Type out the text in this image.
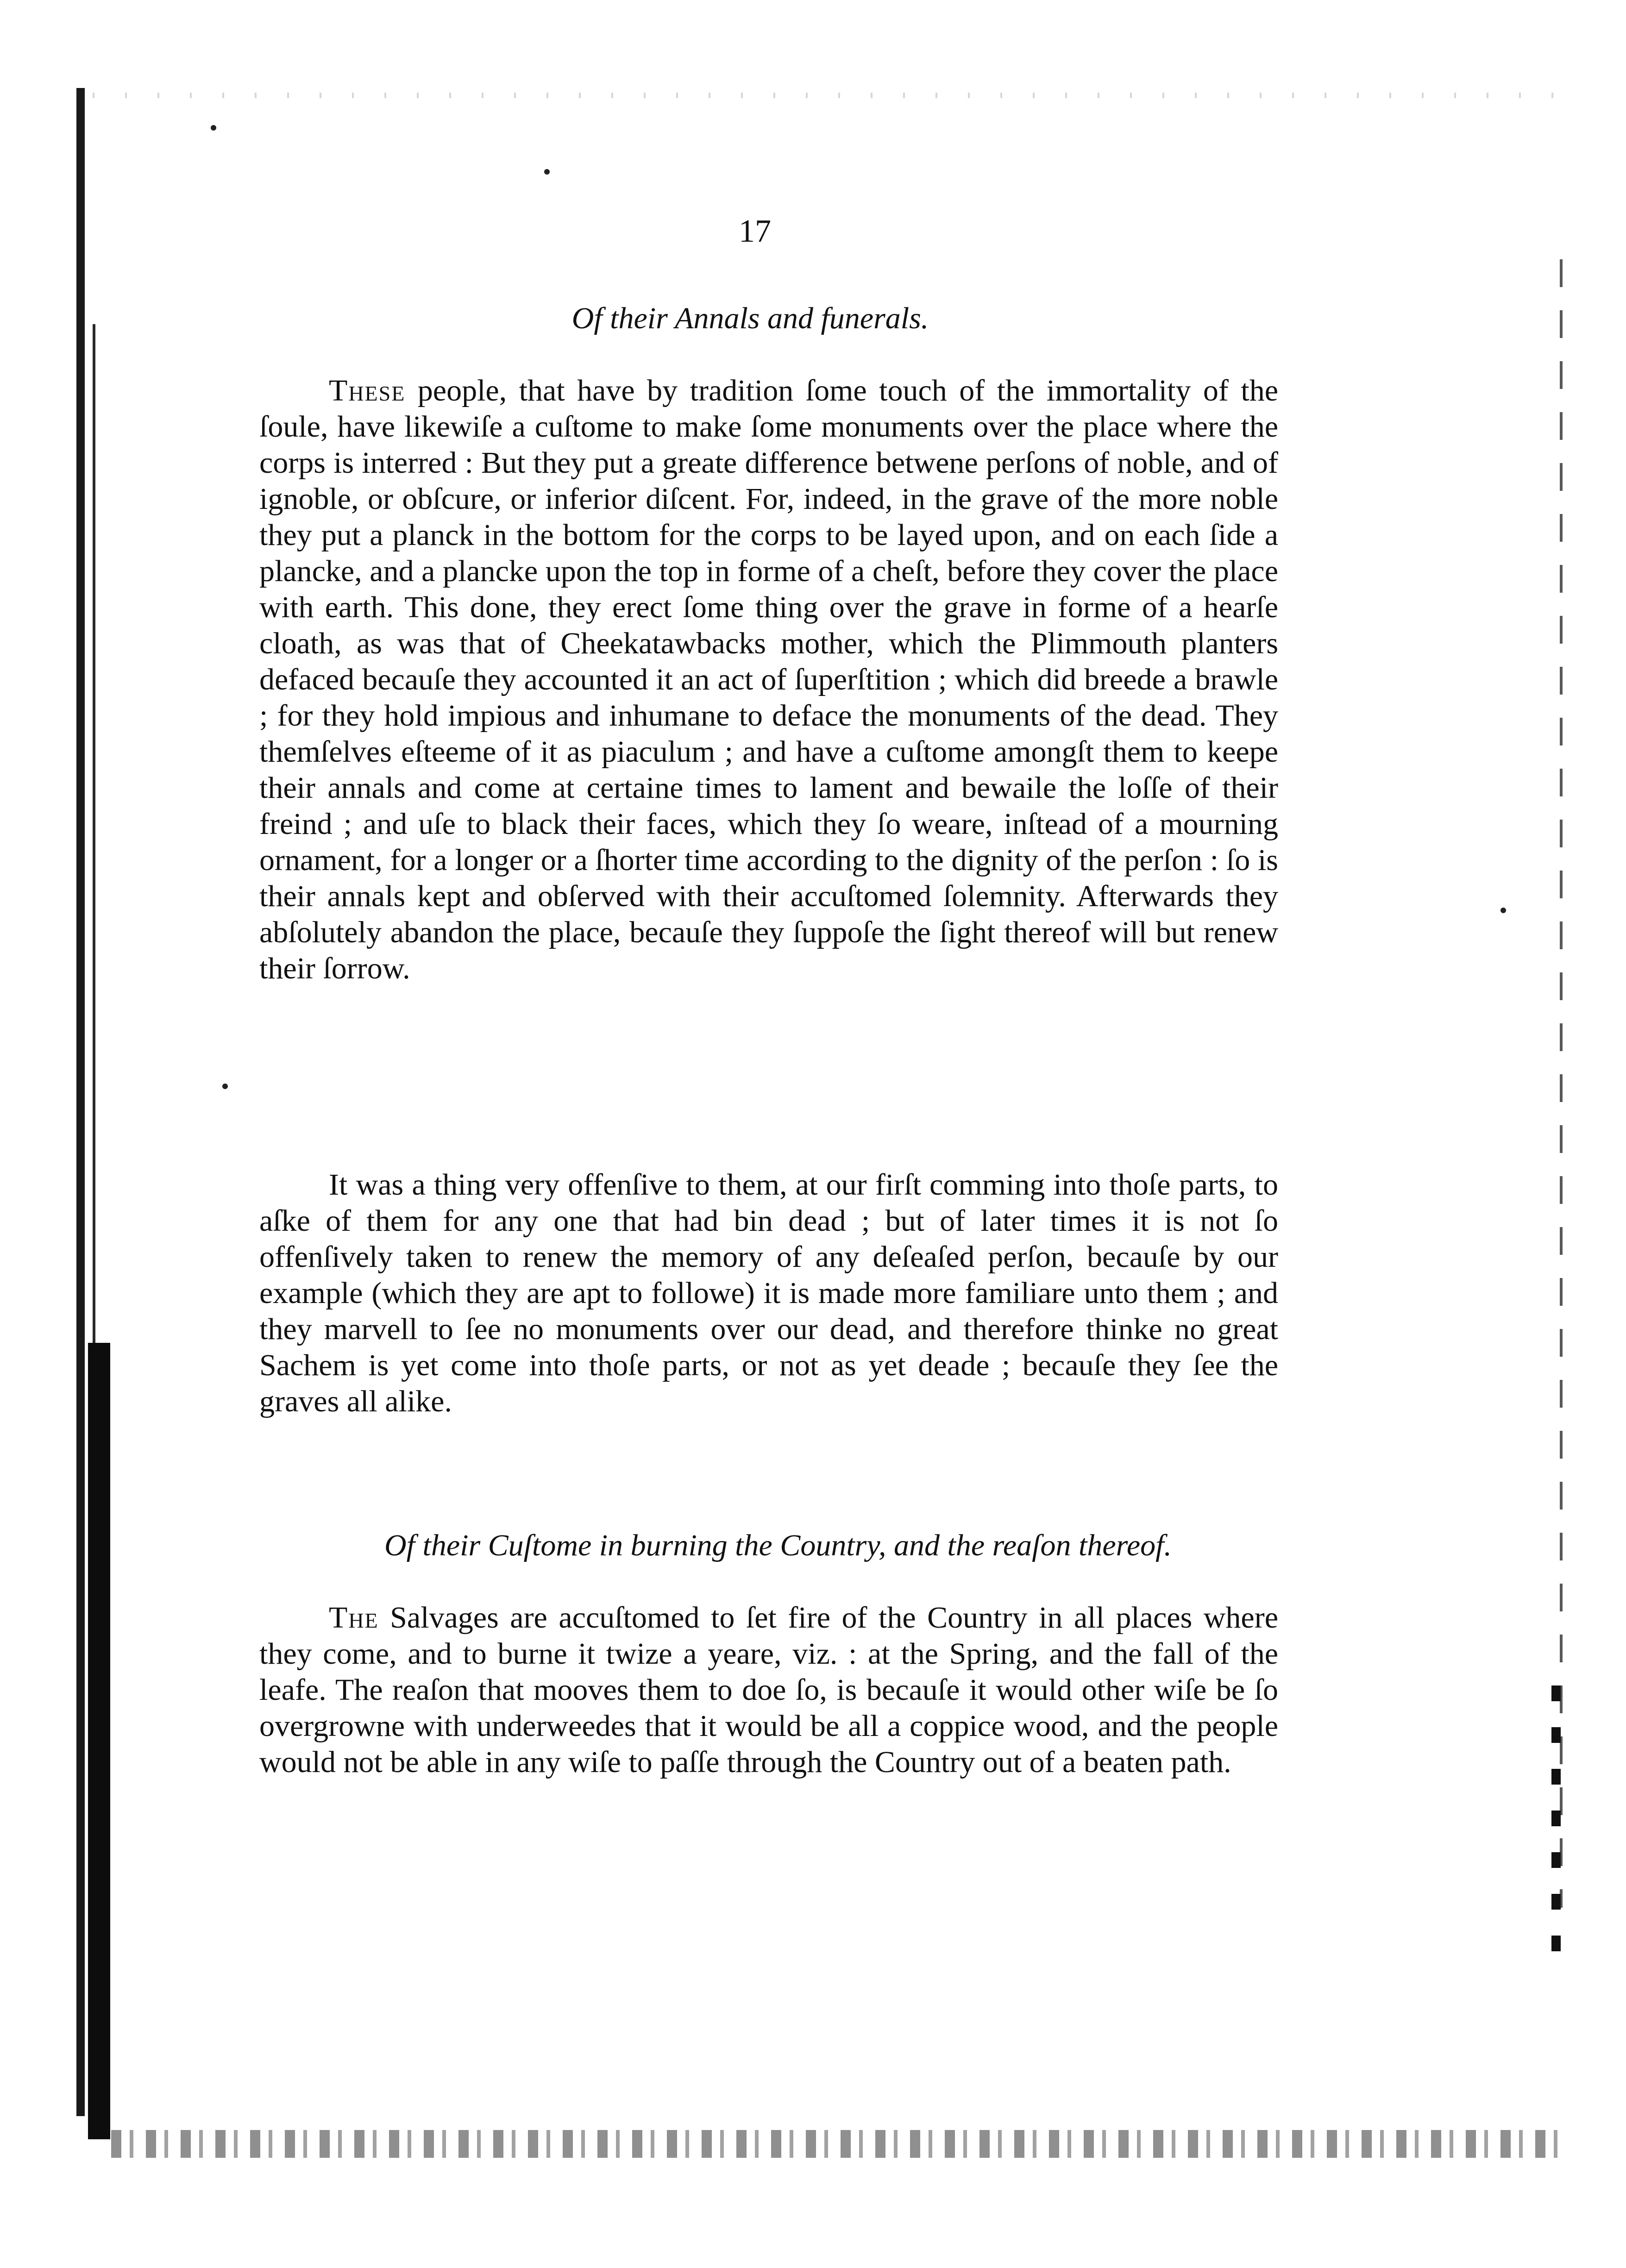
17
Of their Annals and funerals.

These people, that have by tradition ſome touch of the immortality of the ſoule, have likewiſe a cuſtome to make ſome monuments over the place where the corps is interred : But they put a greate difference betwene perſons of noble, and of ignoble, or obſcure, or inferior diſcent. For, indeed, in the grave of the more noble they put a planck in the bottom for the corps to be layed upon, and on each ſide a plancke, and a plancke upon the top in forme of a cheſt, before they cover the place with earth. This done, they erect ſome thing over the grave in forme of a hearſe cloath, as was that of Cheekatawbacks mother, which the Plimmouth planters defaced becauſe they accounted it an act of ſuperſtition ; which did breede a brawle ; for they hold impious and inhumane to deface the monuments of the dead. They themſelves eſteeme of it as piaculum ; and have a cuſtome amongſt them to keepe their annals and come at certaine times to lament and bewaile the loſſe of their freind ; and uſe to black their faces, which they ſo weare, inſtead of a mourning ornament, for a longer or a ſhorter time according to the dignity of the perſon : ſo is their annals kept and obſerved with their accuſtomed ſolemnity. Afterwards they abſolutely abandon the place, becauſe they ſuppoſe the ſight thereof will but renew their ſorrow.

It was a thing very offenſive to them, at our firſt comming into thoſe parts, to aſke of them for any one that had bin dead ; but of later times it is not ſo offenſively taken to renew the memory of any deſeaſed perſon, becauſe by our example (which they are apt to followe) it is made more familiare unto them ; and they marvell to ſee no monuments over our dead, and therefore thinke no great Sachem is yet come into thoſe parts, or not as yet deade ; becauſe they ſee the graves all alike.

Of their Cuſtome in burning the Country, and the reaſon thereof.

The Salvages are accuſtomed to ſet fire of the Country in all places where they come, and to burne it twize a yeare, viz. : at the Spring, and the fall of the leafe. The reaſon that mooves them to doe ſo, is becauſe it would other wiſe be ſo overgrowne with underweedes that it would be all a coppice wood, and the people would not be able in any wiſe to paſſe through the Country out of a beaten path.
